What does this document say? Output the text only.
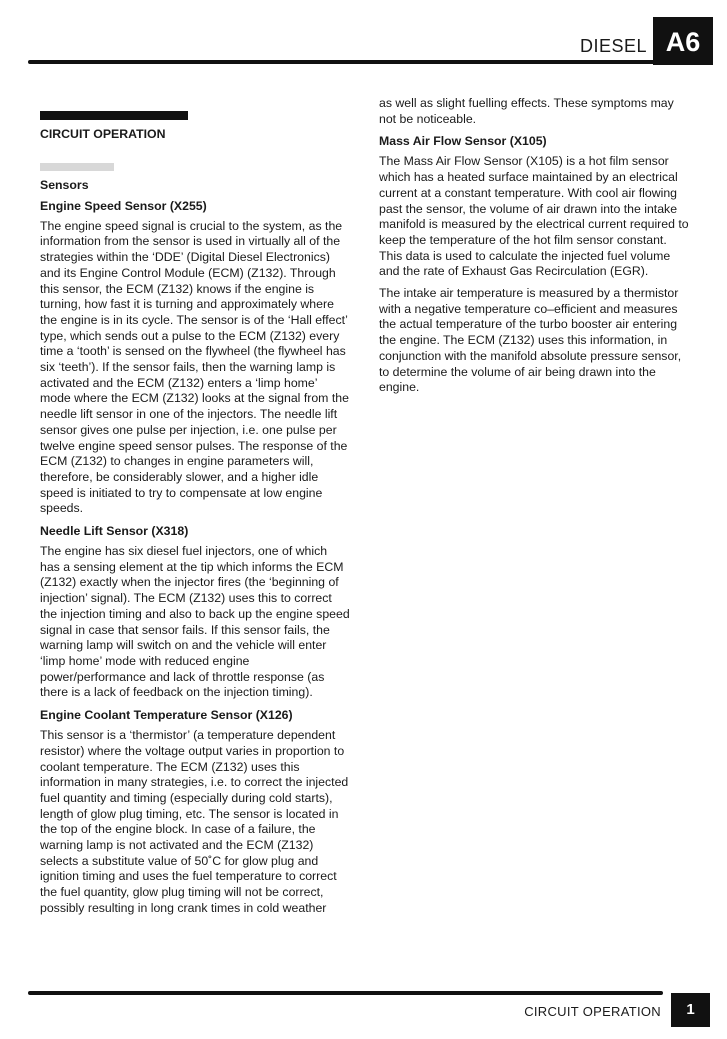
DIESEL A6
CIRCUIT OPERATION
Sensors
Engine Speed Sensor (X255)

The engine speed signal is crucial to the system, as the information from the sensor is used in virtually all of the strategies within the ‘DDE’ (Digital Diesel Electronics) and its Engine Control Module (ECM) (Z132). Through this sensor, the ECM (Z132) knows if the engine is turning, how fast it is turning and approximately where the engine is in its cycle. The sensor is of the ‘Hall effect’ type, which sends out a pulse to the ECM (Z132) every time a ‘tooth’ is sensed on the flywheel (the flywheel has six ‘teeth’). If the sensor fails, then the warning lamp is activated and the ECM (Z132) enters a ‘limp home’ mode where the ECM (Z132) looks at the signal from the needle lift sensor in one of the injectors. The needle lift sensor gives one pulse per injection, i.e. one pulse per twelve engine speed sensor pulses. The response of the ECM (Z132) to changes in engine parameters will, therefore, be considerably slower, and a higher idle speed is initiated to try to compensate at low engine speeds.

Needle Lift Sensor (X318)

The engine has six diesel fuel injectors, one of which has a sensing element at the tip which informs the ECM (Z132) exactly when the injector fires (the ‘beginning of injection’ signal). The ECM (Z132) uses this to correct the injection timing and also to back up the engine speed signal in case that sensor fails. If this sensor fails, the warning lamp will switch on and the vehicle will enter ‘limp home’ mode with reduced engine power/performance and lack of throttle response (as there is a lack of feedback on the injection timing).

Engine Coolant Temperature Sensor (X126)

This sensor is a ‘thermistor’ (a temperature dependent resistor) where the voltage output varies in proportion to coolant temperature. The ECM (Z132) uses this information in many strategies, i.e. to correct the injected fuel quantity and timing (especially during cold starts), length of glow plug timing, etc. The sensor is located in the top of the engine block. In case of a failure, the warning lamp is not activated and the ECM (Z132) selects a substitute value of 50˚C for glow plug and ignition timing and uses the fuel temperature to correct the fuel quantity, glow plug timing will not be correct, possibly resulting in long crank times in cold weather

as well as slight fuelling effects. These symptoms may not be noticeable.

Mass Air Flow Sensor (X105)

The Mass Air Flow Sensor (X105) is a hot film sensor which has a heated surface maintained by an electrical current at a constant temperature. With cool air flowing past the sensor, the volume of air drawn into the intake manifold is measured by the electrical current required to keep the temperature of the hot film sensor constant. This data is used to calculate the injected fuel volume and the rate of Exhaust Gas Recirculation (EGR).

The intake air temperature is measured by a thermistor with a negative temperature co–efficient and measures the actual temperature of the turbo booster air entering the engine. The ECM (Z132) uses this information, in conjunction with the manifold absolute pressure sensor, to determine the volume of air being drawn into the engine.

CIRCUIT OPERATION	1
